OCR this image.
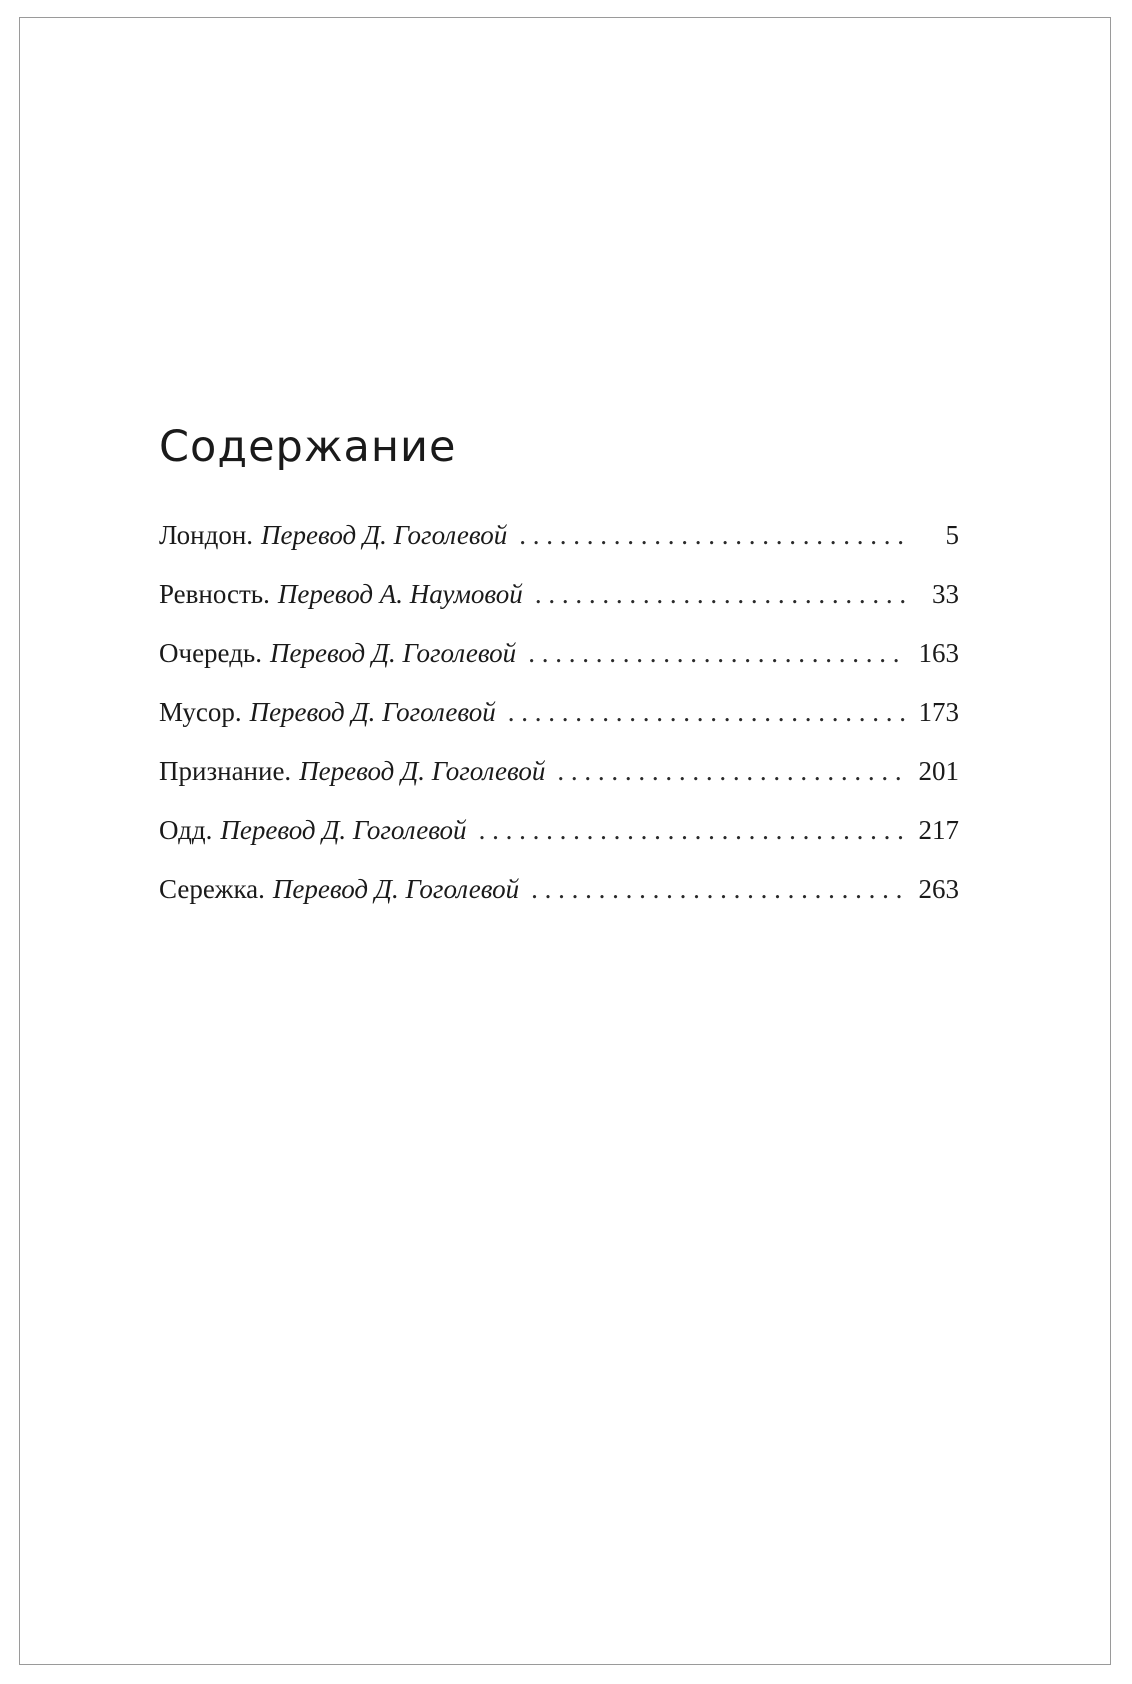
Содержание
Лондон. Перевод Д. Гоголевой . . .	5
Ревность. Перевод А. Наумовой . . .	33
Очередь. Перевод Д. Гоголевой . . .	163
Мусор. Перевод Д. Гоголевой . . .	173
Признание. Перевод Д. Гоголевой . . .	201
Одд. Перевод Д. Гоголевой . . .	217
Сережка. Перевод Д. Гоголевой . . .	263
